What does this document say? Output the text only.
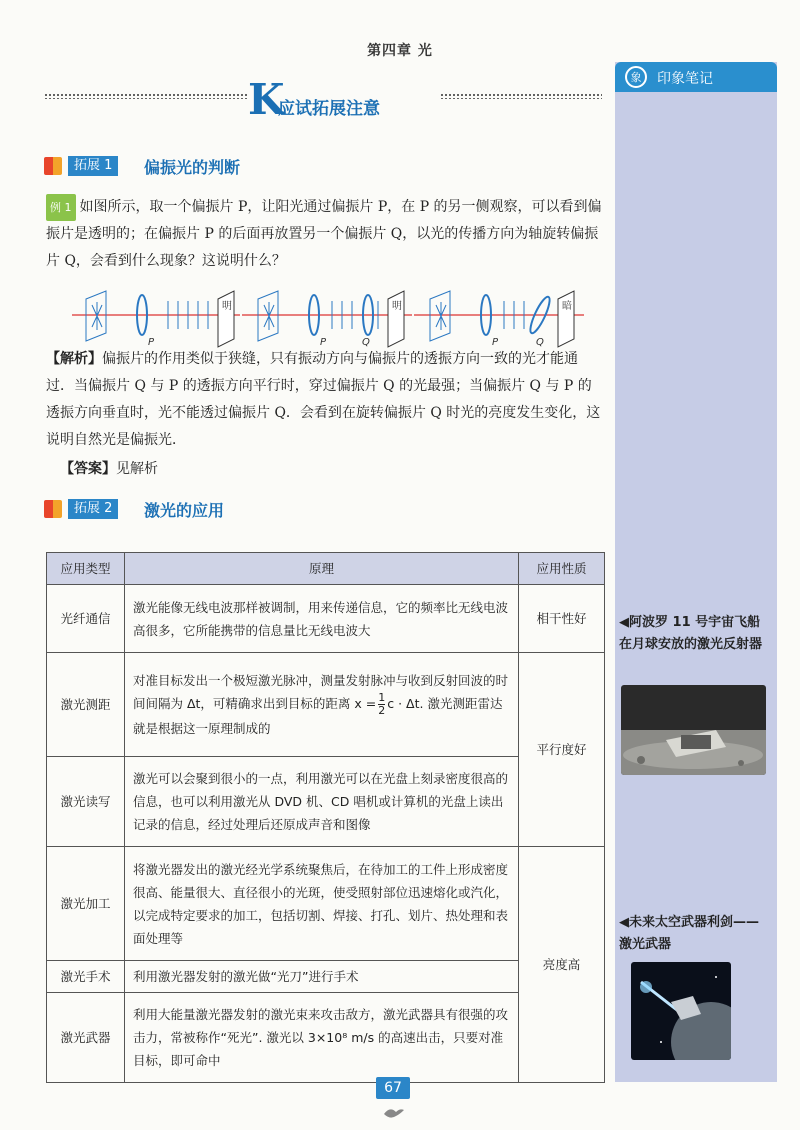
第四章 光
象	印象笔记
◀阿波罗 11 号宇宙飞船在月球安放的激光反射器
◀未来太空武器利剑——激光武器
K
应试拓展注意
拓展 1	偏振光的判断

例 1 如图所示，取一个偏振片 P，让阳光通过偏振片 P，在 P 的另一侧观察，可以看到偏振片是透明的；在偏振片 P 的后面再放置另一个偏振片 Q，以光的传播方向为轴旋转偏振片 Q，会看到什么现象？这说明什么？

P
明
P	Q
明
P	Q
暗

【解析】偏振片的作用类似于狭缝，只有振动方向与偏振片的透振方向一致的光才能通过．当偏振片 Q 与 P 的透振方向平行时，穿过偏振片 Q 的光最强；当偏振片 Q 与 P 的透振方向垂直时，光不能透过偏振片 Q．会看到在旋转偏振片 Q 时光的亮度发生变化，这说明自然光是偏振光．

【答案】见解析

拓展 2	激光的应用
应用类型	原理	应用性质
光纤通信	激光能像无线电波那样被调制，用来传递信息，它的频率比无线电波高很多，它所能携带的信息量比无线电波大	相干性好
激光测距	对准目标发出一个极短激光脉冲，测量发射脉冲与收到反射回波的时间间隔为 Δt，可精确求出到目标的距离 $x = \frac{1}{2}$ c · Δt. 激光测距雷达就是根据这一原理制成的	平行度好
激光读写	激光可以会聚到很小的一点，利用激光可以在光盘上刻录密度很高的信息，也可以利用激光从 DVD 机、CD 唱机或计算机的光盘上读出记录的信息，经过处理后还原成声音和图像	
激光加工	将激光器发出的激光经光学系统聚焦后，在待加工的工件上形成密度很高、能量很大、直径很小的光斑，使受照射部位迅速熔化或汽化，以完成特定要求的加工，包括切割、焊接、打孔、划片、热处理和表面处理等	亮度高
激光手术	利用激光器发射的激光做“光刀”进行手术	
激光武器	利用大能量激光器发射的激光束来攻击敌方，激光武器具有很强的攻击力，常被称作“死光”. 激光以 3×10⁸ m/s 的高速出击，只要对准目标，即可命中	
67
